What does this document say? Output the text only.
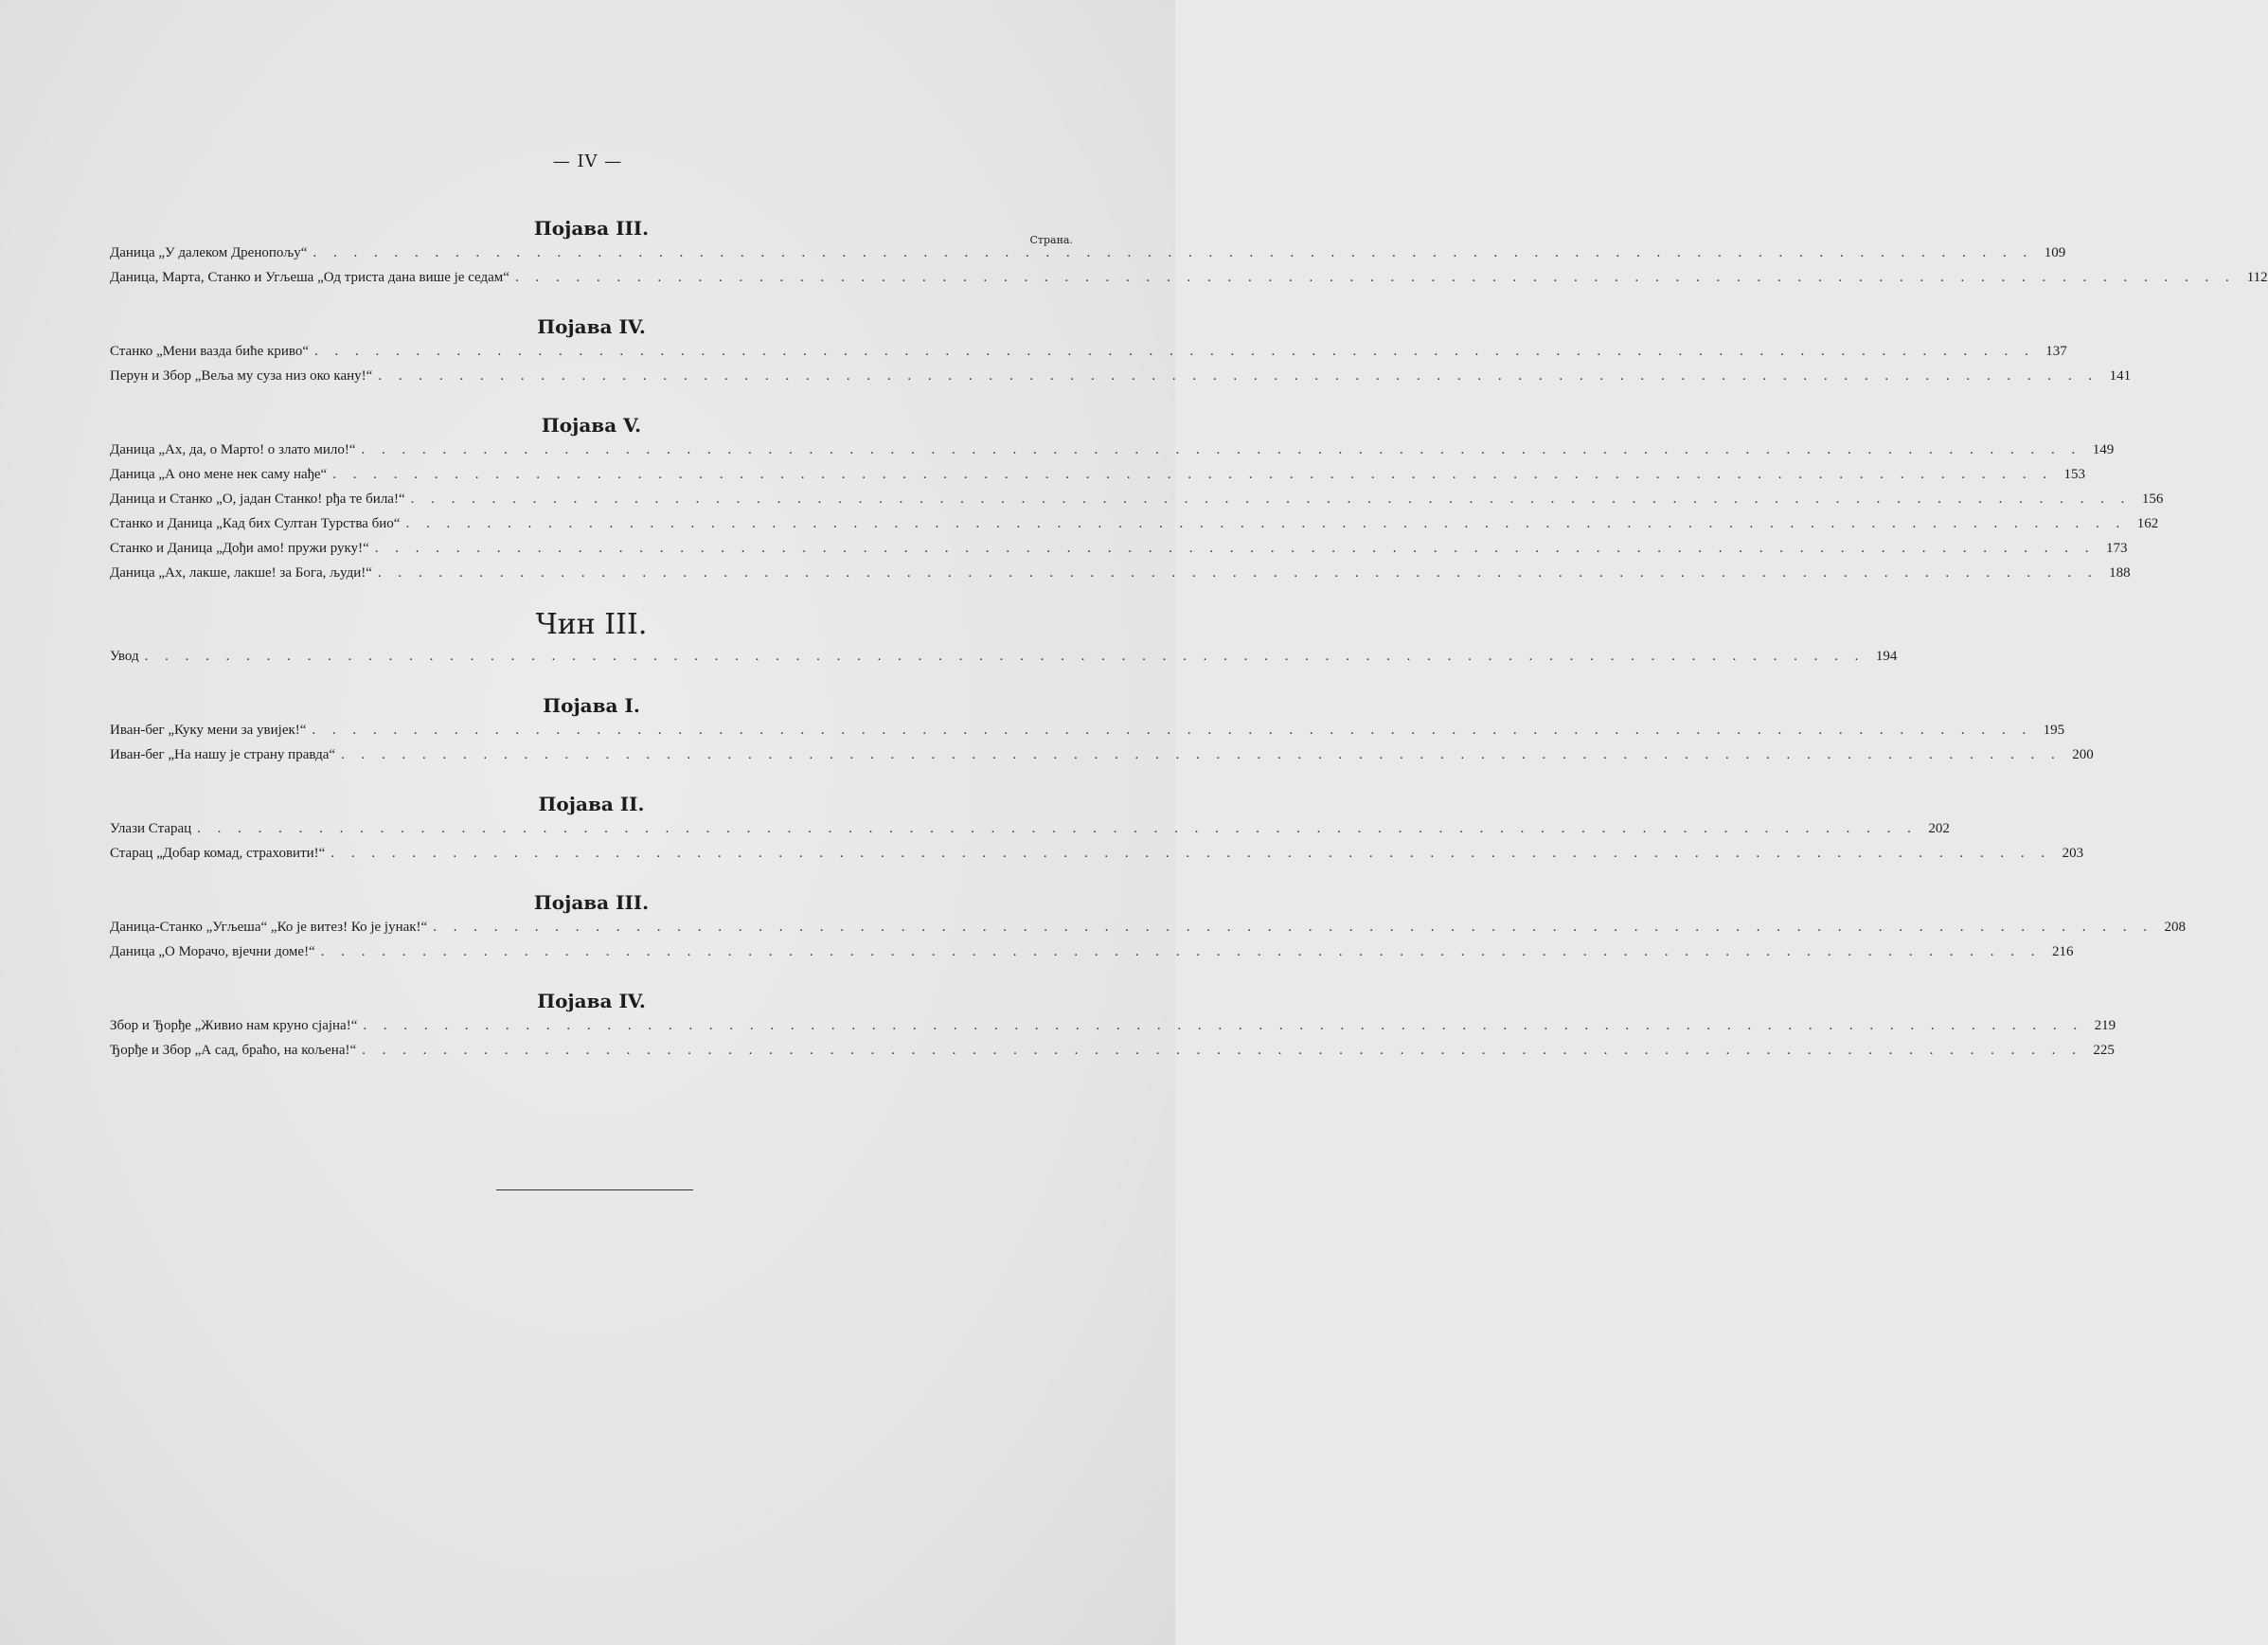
— IV —
Појава III.
Страна.
Даница „У далеком Дренопољу“ . . . . . . . . . . . . . . . . . . . . . . . . . . . . . . . . . . . . . . . . . . . . . . . . . . . . . . . . . . . . . . . . . . . . . . . . . . . . . . . . . . . . . 109
Даница, Марта, Станко и Угљеша „Од триста дана више је седам“ . . . . . . . . . . . . . . . . . . . . . . . . . . . . . . . . . . . . . . . . . . . . . . . . . . . . . . . . . . . . . . . . . . . . . . . . . . . . . . . . . . . . . 112
Појава IV.
Станко „Мени вазда биће криво“ . . . . . . . . . . . . . . . . . . . . . . . . . . . . . . . . . . . . . . . . . . . . . . . . . . . . . . . . . . . . . . . . . . . . . . . . . . . . . . . . . . . . . 137
Перун и Збор „Веља му суза низ око кану!“ . . . . . . . . . . . . . . . . . . . . . . . . . . . . . . . . . . . . . . . . . . . . . . . . . . . . . . . . . . . . . . . . . . . . . . . . . . . . . . . . . . . . . 141
Појава V.
Даница „Ах, да, о Марто! о злато мило!“ . . . . . . . . . . . . . . . . . . . . . . . . . . . . . . . . . . . . . . . . . . . . . . . . . . . . . . . . . . . . . . . . . . . . . . . . . . . . . . . . . . . . . 149
Даница „А оно мене нек саму нађе“ . . . . . . . . . . . . . . . . . . . . . . . . . . . . . . . . . . . . . . . . . . . . . . . . . . . . . . . . . . . . . . . . . . . . . . . . . . . . . . . . . . . . . 153
Даница и Станко „О, јадан Станко! рђа те била!“ . . . . . . . . . . . . . . . . . . . . . . . . . . . . . . . . . . . . . . . . . . . . . . . . . . . . . . . . . . . . . . . . . . . . . . . . . . . . . . . . . . . . . 156
Станко и Даница „Кад бих Султан Турства био“ . . . . . . . . . . . . . . . . . . . . . . . . . . . . . . . . . . . . . . . . . . . . . . . . . . . . . . . . . . . . . . . . . . . . . . . . . . . . . . . . . . . . . 162
Станко и Даница „Дођи амо! пружи руку!“ . . . . . . . . . . . . . . . . . . . . . . . . . . . . . . . . . . . . . . . . . . . . . . . . . . . . . . . . . . . . . . . . . . . . . . . . . . . . . . . . . . . . . 173
Даница „Ах, лакше, лакше! за Бога, људи!“ . . . . . . . . . . . . . . . . . . . . . . . . . . . . . . . . . . . . . . . . . . . . . . . . . . . . . . . . . . . . . . . . . . . . . . . . . . . . . . . . . . . . . 188
Чин III.
Увод . . . . . . . . . . . . . . . . . . . . . . . . . . . . . . . . . . . . . . . . . . . . . . . . . . . . . . . . . . . . . . . . . . . . . . . . . . . . . . . . . . . . . 194
Појава I.
Иван-бег „Куку мени за увијек!“ . . . . . . . . . . . . . . . . . . . . . . . . . . . . . . . . . . . . . . . . . . . . . . . . . . . . . . . . . . . . . . . . . . . . . . . . . . . . . . . . . . . . . 195
Иван-бег „На нашу је страну правда“ . . . . . . . . . . . . . . . . . . . . . . . . . . . . . . . . . . . . . . . . . . . . . . . . . . . . . . . . . . . . . . . . . . . . . . . . . . . . . . . . . . . . . 200
Појава II.
Улази Старац . . . . . . . . . . . . . . . . . . . . . . . . . . . . . . . . . . . . . . . . . . . . . . . . . . . . . . . . . . . . . . . . . . . . . . . . . . . . . . . . . . . . . 202
Старац „Добар комад, страховити!“ . . . . . . . . . . . . . . . . . . . . . . . . . . . . . . . . . . . . . . . . . . . . . . . . . . . . . . . . . . . . . . . . . . . . . . . . . . . . . . . . . . . . . 203
Појава III.
Даница-Станко „Угљеша“ „Ко је витез! Ко је јунак!“ . . . . . . . . . . . . . . . . . . . . . . . . . . . . . . . . . . . . . . . . . . . . . . . . . . . . . . . . . . . . . . . . . . . . . . . . . . . . . . . . . . . . . 208
Даница „О Морачо, вјечни доме!“ . . . . . . . . . . . . . . . . . . . . . . . . . . . . . . . . . . . . . . . . . . . . . . . . . . . . . . . . . . . . . . . . . . . . . . . . . . . . . . . . . . . . . 216
Појава IV.
Збор и Ђорђе „Живио нам круно сјајна!“ . . . . . . . . . . . . . . . . . . . . . . . . . . . . . . . . . . . . . . . . . . . . . . . . . . . . . . . . . . . . . . . . . . . . . . . . . . . . . . . . . . . . . 219
Ђорђе и Збор „А сад, браћо, на кољена!“ . . . . . . . . . . . . . . . . . . . . . . . . . . . . . . . . . . . . . . . . . . . . . . . . . . . . . . . . . . . . . . . . . . . . . . . . . . . . . . . . . . . . . 225
